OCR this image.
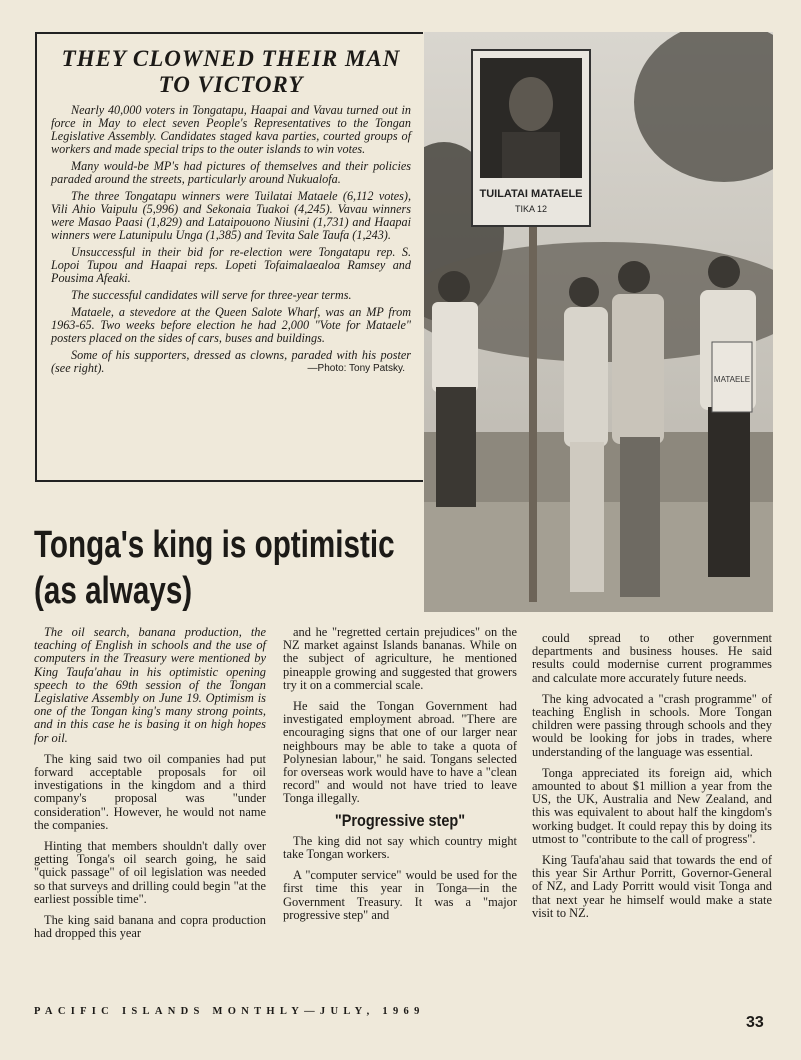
THEY CLOWNED THEIR MAN TO VICTORY

Nearly 40,000 voters in Tongatapu, Haapai and Vavau turned out in force in May to elect seven People's Representatives to the Tongan Legislative Assembly. Candidates staged kava parties, courted groups of workers and made special trips to the outer islands to win votes.

Many would-be MP's had pictures of themselves and their policies paraded around the streets, particularly around Nukualofa.

The three Tongatapu winners were Tuilatai Mataele (6,112 votes), Vili Ahio Vaipulu (5,996) and Sekonaia Tuakoi (4,245). Vavau winners were Masao Paasi (1,829) and Lataipouono Niusini (1,731) and Haapai winners were Latunipulu Unga (1,385) and Tevita Sale Taufa (1,243).

Unsuccessful in their bid for re-election were Tongatapu rep. S. Lopoi Tupou and Haapai reps. Lopeti Tofaimalaealoa Ramsey and Pousima Afeaki.

The successful candidates will serve for three-year terms.

Mataele, a stevedore at the Queen Salote Wharf, was an MP from 1963-65. Two weeks before election he had 2,000 "Vote for Mataele" posters placed on the sides of cars, buses and buildings.

Some of his supporters, dressed as clowns, paraded with his poster (see right).	—Photo: Tony Patsky.

TUILATAI MATAELE
TIKA 12
MATAELE
Tonga's king is optimistic
(as always)

The oil search, banana production, the teaching of English in schools and the use of computers in the Treasury were mentioned by King Taufa'ahau in his optimistic opening speech to the 69th session of the Tongan Legislative Assembly on June 19. Optimism is one of the Tongan king's many strong points, and in this case he is basing it on high hopes for oil.

The king said two oil companies had put forward acceptable proposals for oil investigations in the kingdom and a third company's proposal was "under consideration". However, he would not name the companies.

Hinting that members shouldn't dally over getting Tonga's oil search going, he said "quick passage" of oil legislation was needed so that surveys and drilling could begin "at the earliest possible time".

The king said banana and copra production had dropped this year

and he "regretted certain prejudices" on the NZ market against Islands bananas. While on the subject of agriculture, he mentioned pineapple growing and suggested that growers try it on a commercial scale.

He said the Tongan Government had investigated employment abroad. "There are encouraging signs that one of our larger near neighbours may be able to take a quota of Polynesian labour," he said. Tongans selected for overseas work would have to have a "clean record" and would not have tried to leave Tonga illegally.

"Progressive step"

The king did not say which country might take Tongan workers.

A "computer service" would be used for the first time this year in Tonga—in the Government Treasury. It was a "major progressive step" and

could spread to other government departments and business houses. He said results could modernise current programmes and calculate more accurately future needs.

The king advocated a "crash programme" of teaching English in schools. More Tongan children were passing through schools and they would be looking for jobs in trades, where understanding of the language was essential.

Tonga appreciated its foreign aid, which amounted to about $1 million a year from the US, the UK, Australia and New Zealand, and this was equivalent to about half the kingdom's working budget. It could repay this by doing its utmost to "contribute to the call of progress".

King Taufa'ahau said that towards the end of this year Sir Arthur Porritt, Governor-General of NZ, and Lady Porritt would visit Tonga and that next year he himself would make a state visit to NZ.

PACIFIC ISLANDS MONTHLY—JULY, 1969
33
